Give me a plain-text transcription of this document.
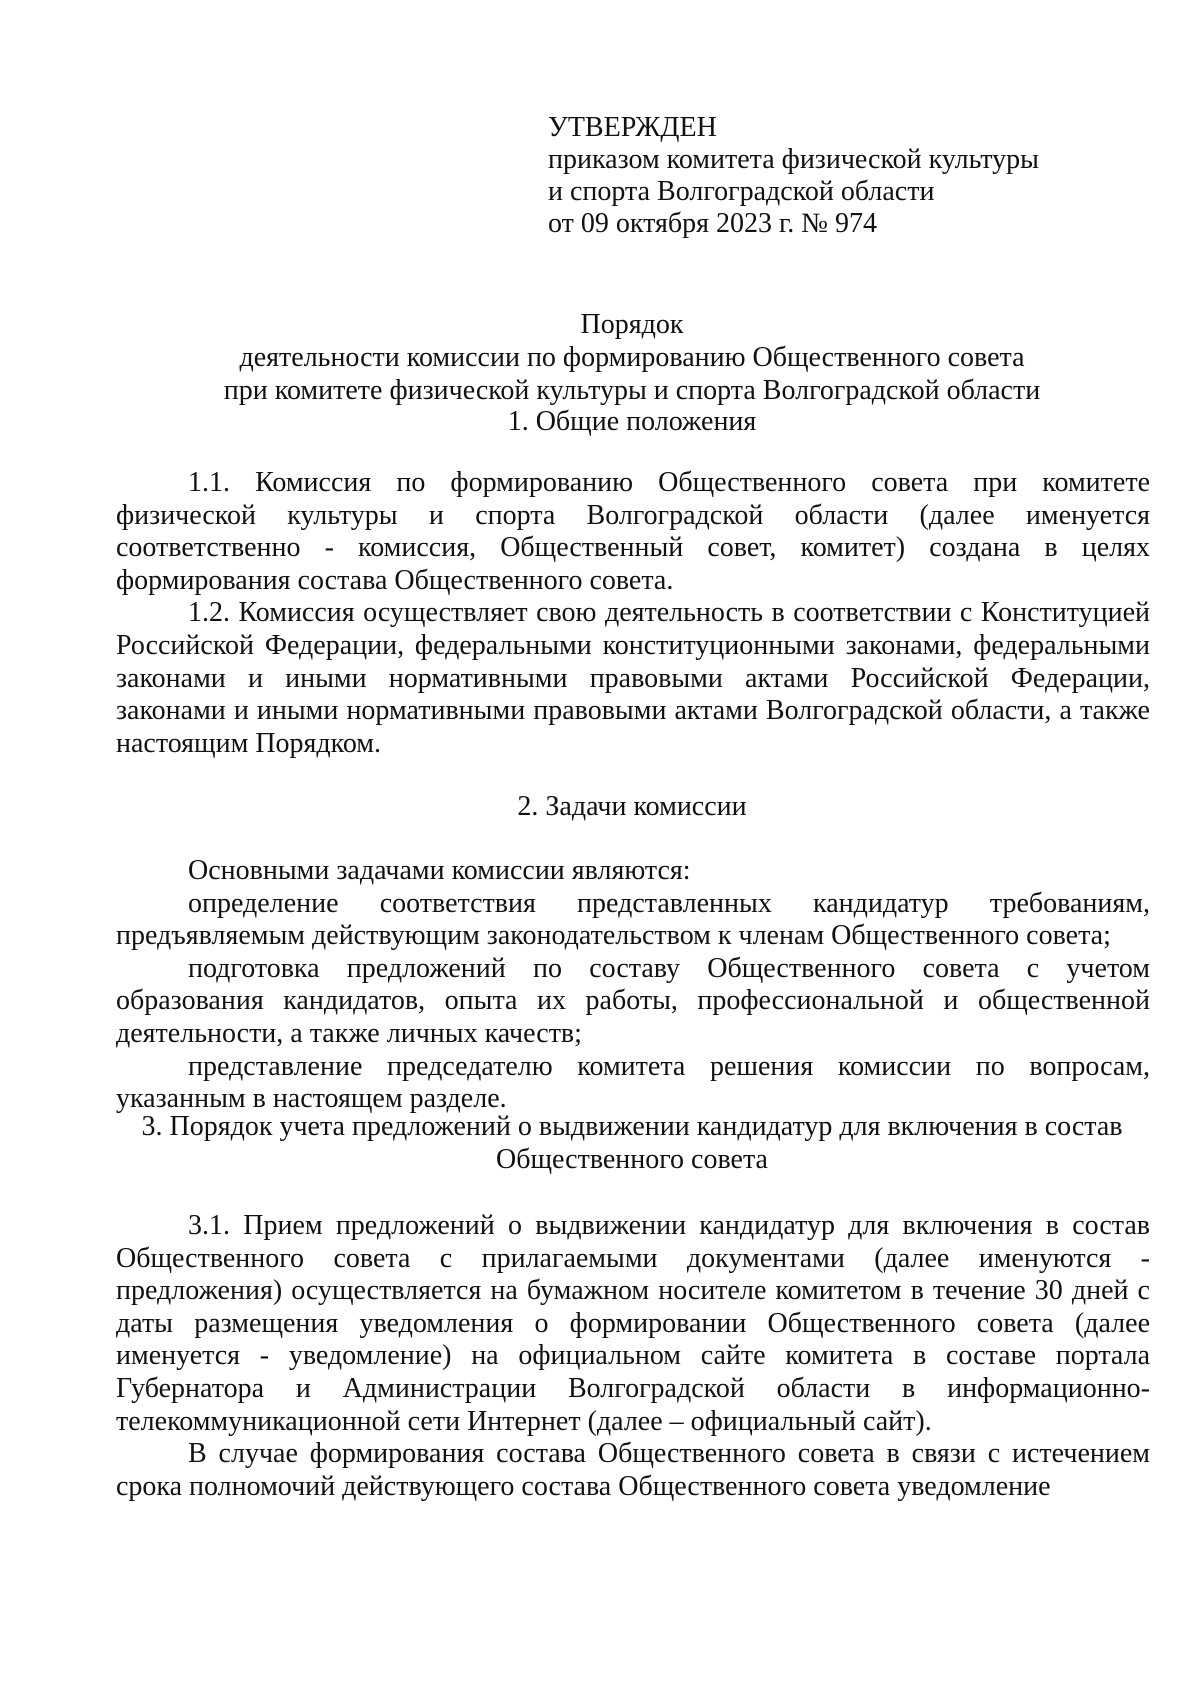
УТВЕРЖДЕН
приказом комитета физической культуры
и спорта Волгоградской области
от 09 октября 2023 г. № 974
Порядок
деятельности комиссии по формированию Общественного совета
при комитете физической культуры и спорта Волгоградской области
1. Общие положения

1.1. Комиссия по формированию Общественного совета при комитете физической культуры и спорта Волгоградской области (далее именуется соответственно - комиссия, Общественный совет, комитет) создана в целях формирования состава Общественного совета.

1.2. Комиссия осуществляет свою деятельность в соответствии с Конституцией Российской Федерации, федеральными конституционными законами, федеральными законами и иными нормативными правовыми актами Российской Федерации, законами и иными нормативными правовыми актами Волгоградской области, а также настоящим Порядком.

2. Задачи комиссии

Основными задачами комиссии являются:

определение соответствия представленных кандидатур требованиям, предъявляемым действующим законодательством к членам Общественного совета;

подготовка предложений по составу Общественного совета с учетом образования кандидатов, опыта их работы, профессиональной и общественной деятельности, а также личных качеств;

представление председателю комитета решения комиссии по вопросам, указанным в настоящем разделе.

3. Порядок учета предложений о выдвижении кандидатур для включения в состав
Общественного совета

3.1. Прием предложений о выдвижении кандидатур для включения в состав Общественного совета с прилагаемыми документами (далее именуются - предложения) осуществляется на бумажном носителе комитетом в течение 30 дней с даты размещения уведомления о формировании Общественного совета (далее именуется - уведомление) на официальном сайте комитета в составе портала Губернатора и Администрации Волгоградской области в информационно-телекоммуникационной сети Интернет (далее – официальный сайт).

В случае формирования состава Общественного совета в связи с истечением срока полномочий действующего состава Общественного совета уведомление
